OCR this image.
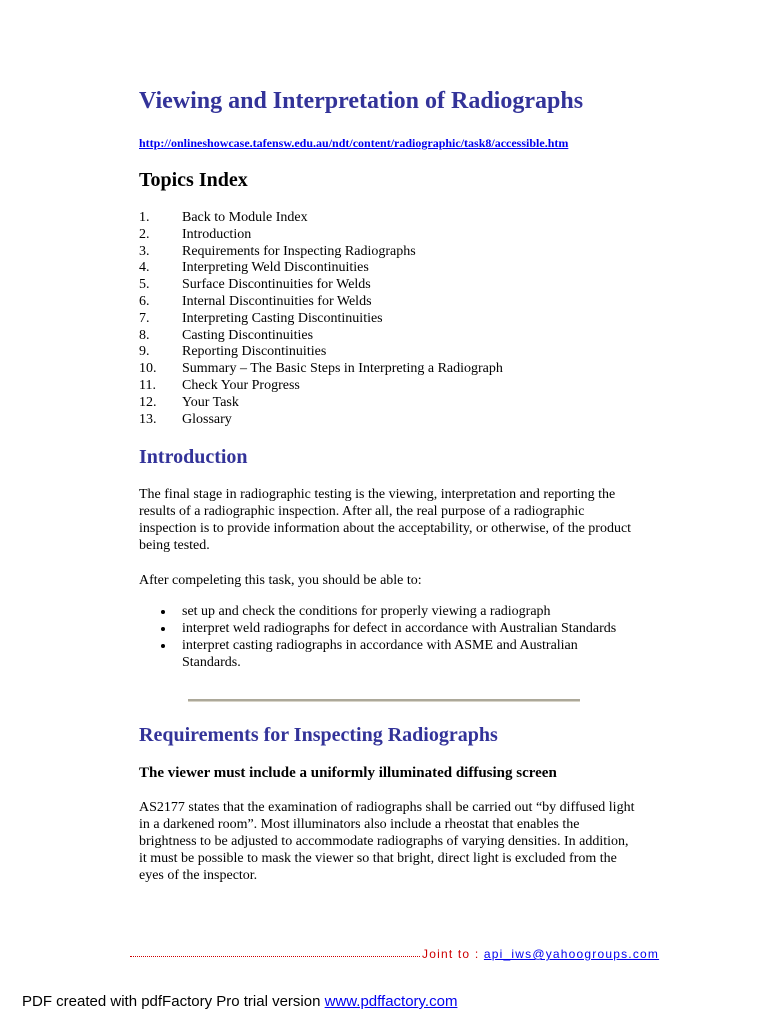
Viewing and Interpretation of Radiographs
http://onlineshowcase.tafensw.edu.au/ndt/content/radiographic/task8/accessible.htm
Topics Index
1.	Back to Module Index
2.	Introduction
3.	Requirements for Inspecting Radiographs
4.	Interpreting Weld Discontinuities
5.	Surface Discontinuities for Welds
6.	Internal Discontinuities for Welds
7.	Interpreting Casting Discontinuities
8.	Casting Discontinuities
9.	Reporting Discontinuities
10.	Summary – The Basic Steps in Interpreting a Radiograph
11.	Check Your Progress
12.	Your Task
13.	Glossary
Introduction

The final stage in radiographic testing is the viewing, interpretation and reporting the results of a radiographic inspection. After all, the real purpose of a radiographic inspection is to provide information about the acceptability, or otherwise, of the product being tested.

After compeleting this task, you should be able to:

set up and check the conditions for properly viewing a radiograph
interpret weld radiographs for defect in accordance with Australian Standards
interpret casting radiographs in accordance with ASME and Australian Standards.
Requirements for Inspecting Radiographs
The viewer must include a uniformly illuminated diffusing screen

AS2177 states that the examination of radiographs shall be carried out “by diffused light in a darkened room”. Most illuminators also include a rheostat that enables the brightness to be adjusted to accommodate radiographs of varying densities. In addition, it must be possible to mask the viewer so that bright, direct light is excluded from the eyes of the inspector.

Joint to : api_iws@yahoogroups.com
PDF created with pdfFactory Pro trial version www.pdffactory.com
